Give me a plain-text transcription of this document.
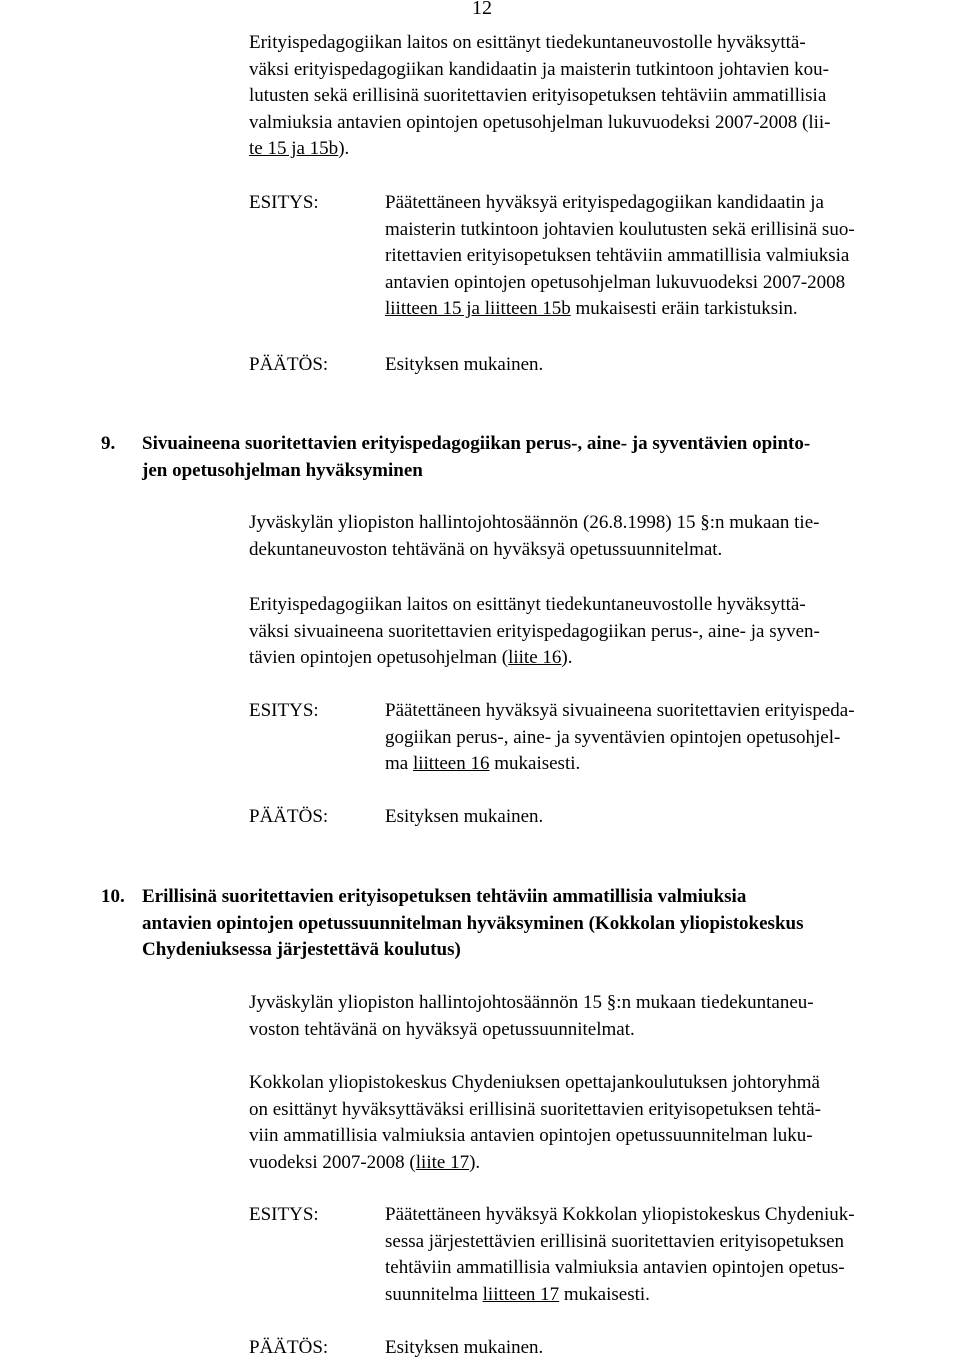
12

Erityispedagogiikan laitos on esittänyt tiedekuntaneuvostolle hyväksyttä-
väksi erityispedagogiikan kandidaatin ja maisterin tutkintoon johtavien kou-
lutusten sekä erillisinä suoritettavien erityisopetuksen tehtäviin ammatillisia
valmiuksia antavien opintojen opetusohjelman lukuvuodeksi 2007-2008 (lii-
te 15 ja 15b).

ESITYS:	Päätettäneen hyväksyä erityispedagogiikan kandidaatin ja
maisterin tutkintoon johtavien koulutusten sekä erillisinä suo-
ritettavien erityisopetuksen tehtäviin ammatillisia valmiuksia
antavien opintojen opetusohjelman lukuvuodeksi 2007-2008
liitteen 15 ja liitteen 15b mukaisesti eräin tarkistuksin.

PÄÄTÖS:	Esityksen mukainen.
9. Sivuaineena suoritettavien erityispedagogiikan perus-, aine- ja syventävien opinto-
jen opetusohjelman hyväksyminen

Jyväskylän yliopiston hallintojohtosäännön (26.8.1998) 15 §:n mukaan tie-
dekuntaneuvoston tehtävänä on hyväksyä opetussuunnitelmat.

Erityispedagogiikan laitos on esittänyt tiedekuntaneuvostolle hyväksyttä-
väksi sivuaineena suoritettavien erityispedagogiikan perus-, aine- ja syven-
tävien opintojen opetusohjelman (liite 16).

ESITYS:	Päätettäneen hyväksyä sivuaineena suoritettavien erityispeda-
gogiikan perus-, aine- ja syventävien opintojen opetusohjel-
ma liitteen 16 mukaisesti.

PÄÄTÖS:	Esityksen mukainen.
10. Erillisinä suoritettavien erityisopetuksen tehtäviin ammatillisia valmiuksia
antavien opintojen opetussuunnitelman hyväksyminen (Kokkolan yliopistokeskus
Chydeniuksessa järjestettävä koulutus)

Jyväskylän yliopiston hallintojohtosäännön 15 §:n mukaan tiedekuntaneu-
voston tehtävänä on hyväksyä opetussuunnitelmat.

Kokkolan yliopistokeskus Chydeniuksen opettajankoulutuksen johtoryhmä
on esittänyt hyväksyttäväksi erillisinä suoritettavien erityisopetuksen tehtä-
viin ammatillisia valmiuksia antavien opintojen opetussuunnitelman luku-
vuodeksi 2007-2008 (liite 17).

ESITYS:	Päätettäneen hyväksyä Kokkolan yliopistokeskus Chydeniuk-
sessa järjestettävien erillisinä suoritettavien erityisopetuksen
tehtäviin ammatillisia valmiuksia antavien opintojen opetus-
suunnitelma liitteen 17 mukaisesti.

PÄÄTÖS:	Esityksen mukainen.
